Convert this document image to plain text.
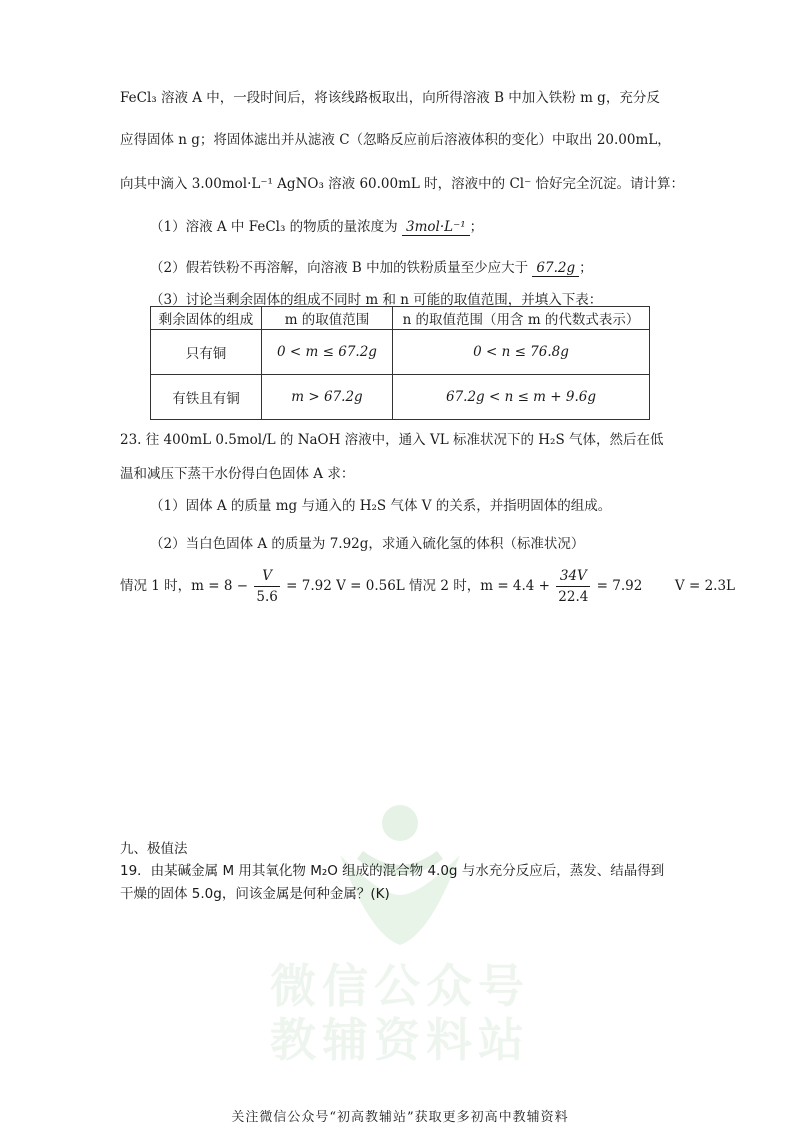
微信公众号
教辅资料站
FeCl₃ 溶液 A 中，一段时间后，将该线路板取出，向所得溶液 B 中加入铁粉 m g，充分反
应得固体 n g；将固体滤出并从滤液 C（忽略反应前后溶液体积的变化）中取出 20.00mL，
向其中滴入 3.00mol·L⁻¹ AgNO₃ 溶液 60.00mL 时，溶液中的 Cl⁻ 恰好完全沉淀。请计算：
（1）溶液 A 中 FeCl₃ 的物质的量浓度为 3mol·L⁻¹ ；
（2）假若铁粉不再溶解，向溶液 B 中加的铁粉质量至少应大于 67.2g ；
（3）讨论当剩余固体的组成不同时 m 和 n 可能的取值范围，并填入下表：
剩余固体的组成	m 的取值范围	n 的取值范围（用含 m 的代数式表示）
只有铜	0 < m ≤ 67.2g	0 < n ≤ 76.8g
有铁且有铜	m > 67.2g	67.2g < n ≤ m + 9.6g
23. 往 400mL 0.5mol/L 的 NaOH 溶液中，通入 VL 标准状况下的 H₂S 气体，然后在低
温和减压下蒸干水份得白色固体 A 求：
（1）固体 A 的质量 mg 与通入的 H₂S 气体 V 的关系，并指明固体的组成。
（2）当白色固体 A 的质量为 7.92g，求通入硫化氢的体积（标准状况）
情况 1 时，$m = 8 - \frac{V}{5.6} = 7.92$ V = 0.56L 情况 2 时，$m = 4.4 + \frac{34V}{22.4} = 7.92$ V = 2.3L
九、极值法
19．由某碱金属 M 用其氧化物 M₂O 组成的混合物 4.0g 与水充分反应后，蒸发、结晶得到
干燥的固体 5.0g，问该金属是何种金属？(K)
关注微信公众号“初高教辅站”获取更多初高中教辅资料
